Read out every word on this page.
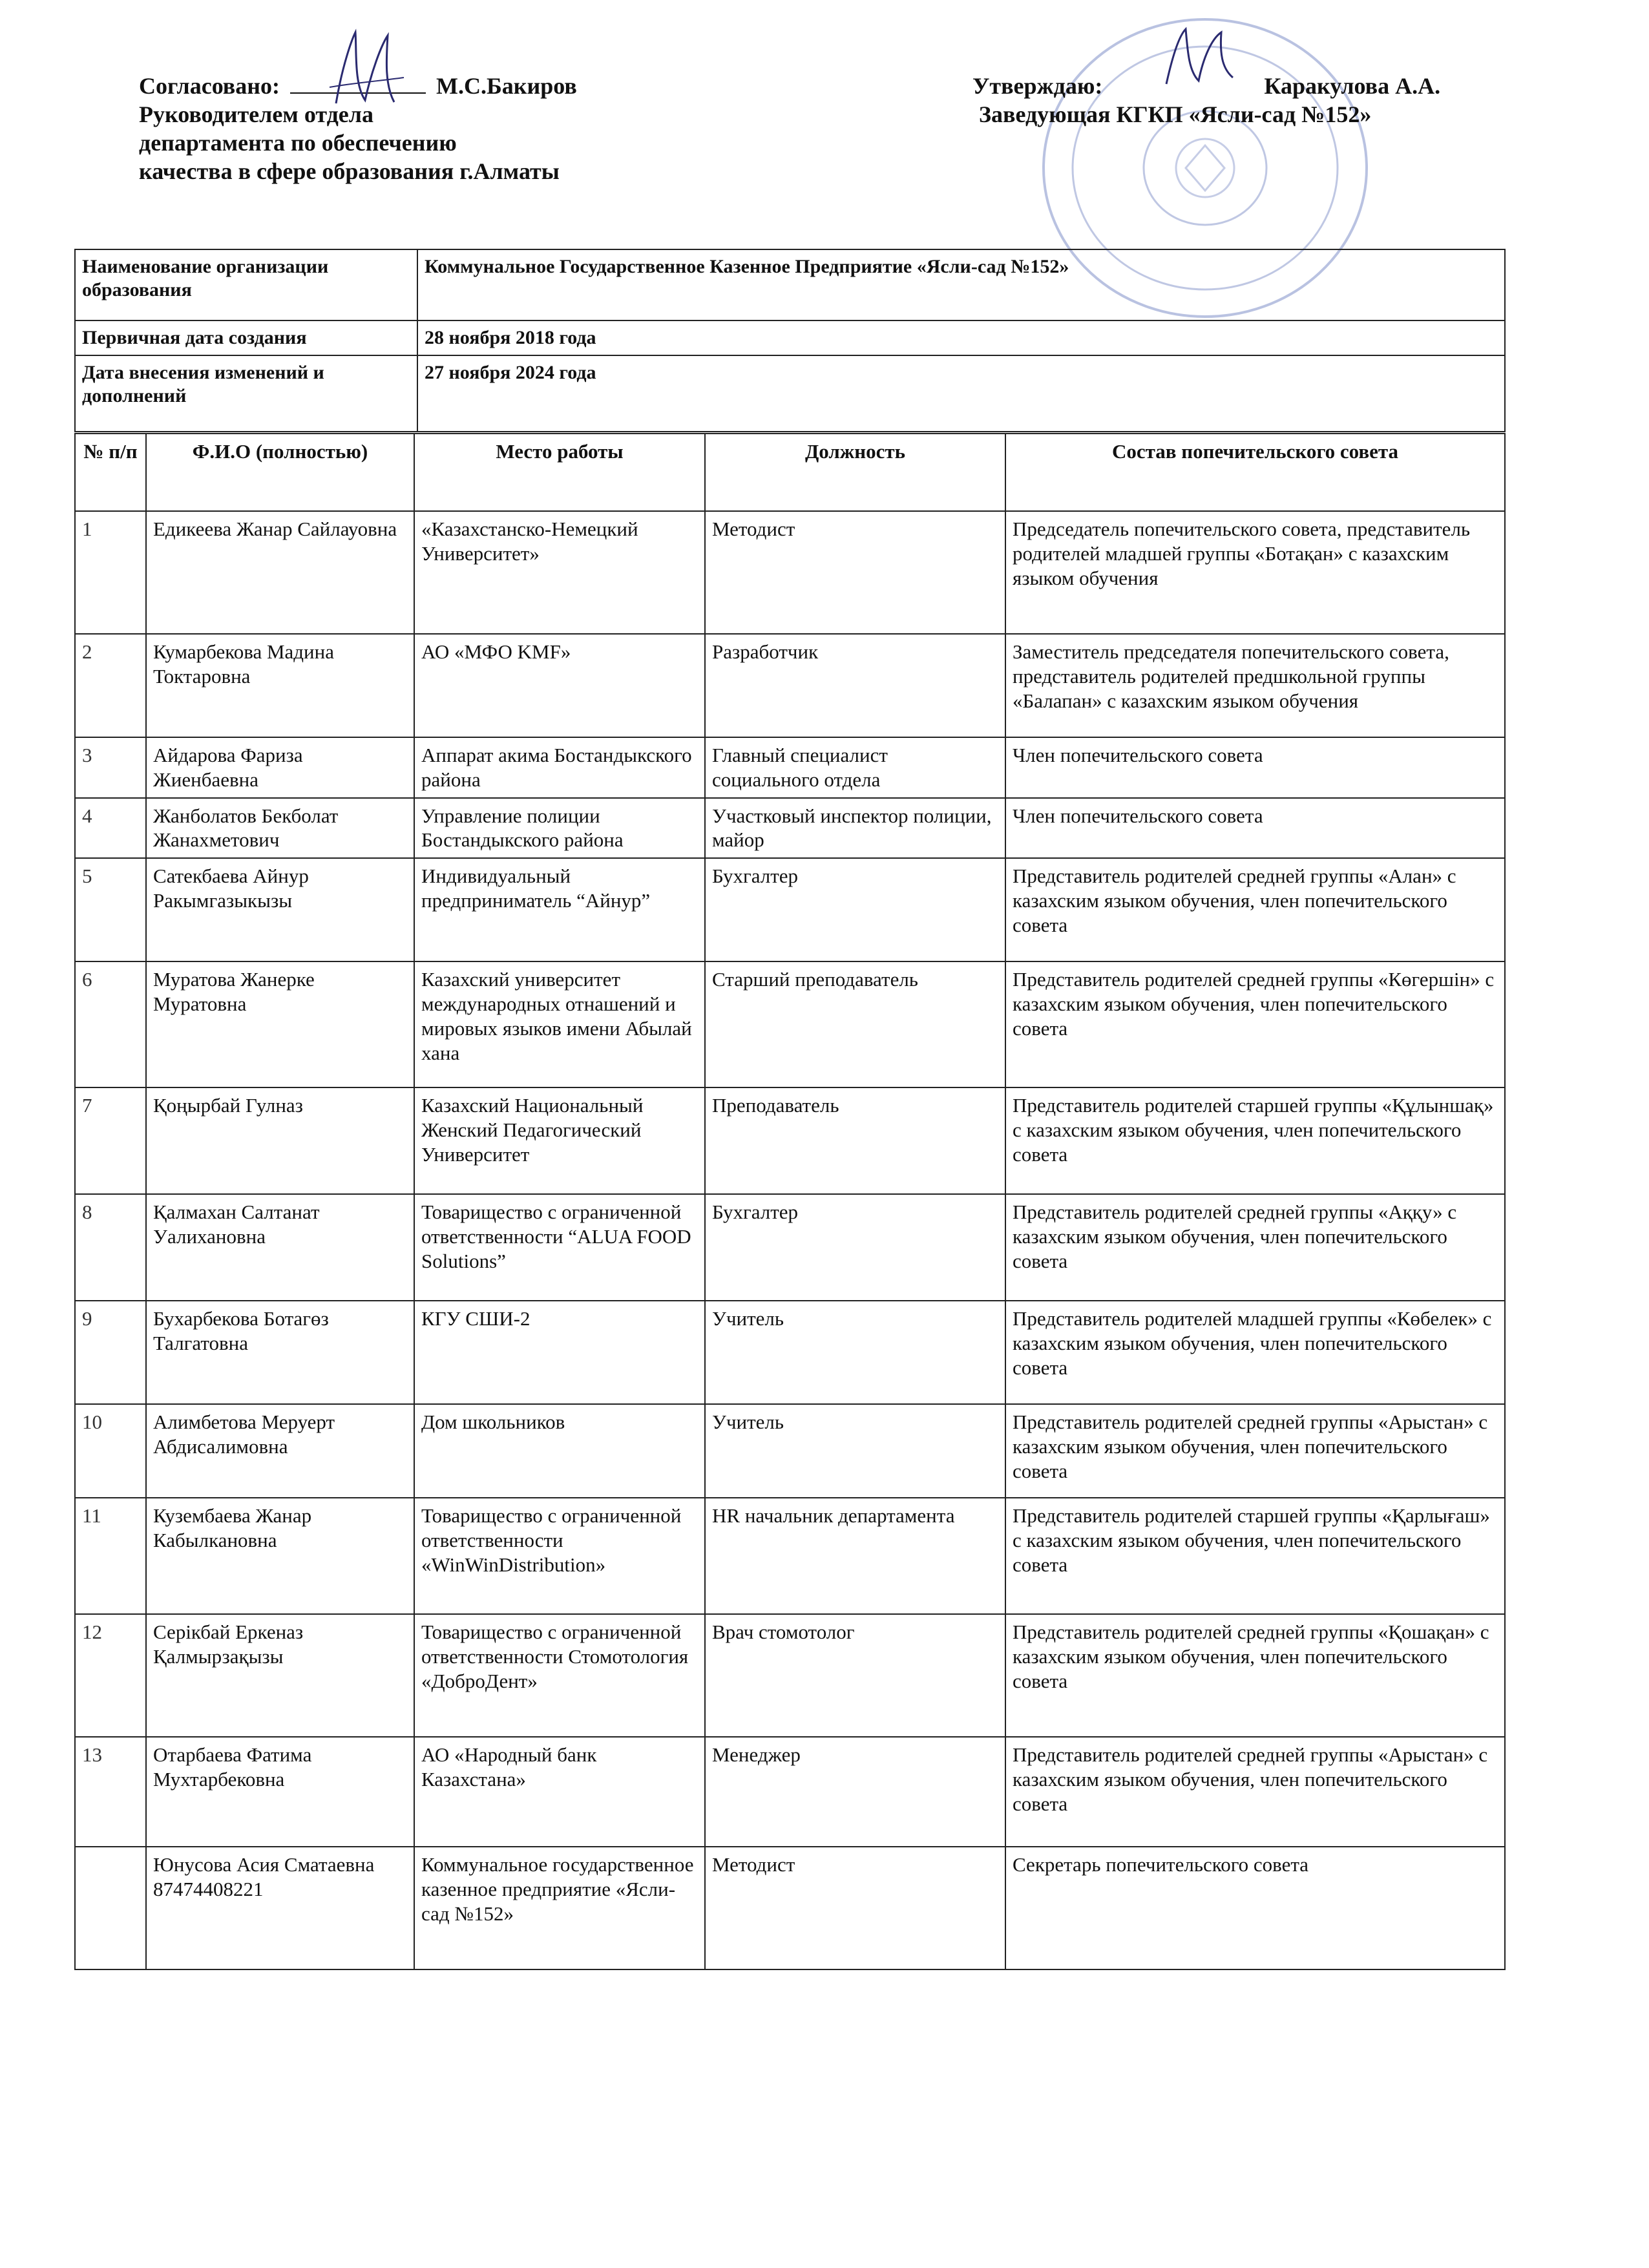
Согласовано:	М.С.Бакиров
Руководителем отдела
департамента по обеспечению
качества в сфере образования г.Алматы
Утверждаю:	Каракулова А.А.
Заведующая КГКП «Ясли-сад №152»
Наименование организации образования	Коммунальное Государственное Казенное Предприятие «Ясли-сад №152»
Первичная дата создания	28 ноября 2018 года
Дата внесения изменений и дополнений	27 ноября 2024 года
№ п/п	Ф.И.О (полностью)	Место работы	Должность	Состав попечительского совета
1	Едикеева Жанар Сайлауовна	«Казахстанско-Немецкий Университет»	Методист	Председатель попечительского совета, представитель родителей младшей группы «Ботақан» с казахским языком обучения
2	Кумарбекова Мадина Токтаровна	АО «МФО KMF»	Разработчик	Заместитель председателя попечительского совета, представитель родителей предшкольной группы «Балапан» с казахским языком обучения
3	Айдарова Фариза Жиенбаевна	Аппарат акима Бостандыкского района	Главный специалист социального отдела	Член попечительского совета
4	Жанболатов Бекболат Жанахметович	Управление полиции Бостандыкского района	Участковый инспектор полиции, майор	Член попечительского совета
5	Сатекбаева Айнур Ракымгазыкызы	Индивидуальный предприниматель “Айнур”	Бухгалтер	Представитель родителей средней группы «Алан» с казахским языком обучения, член попечительского совета
6	Муратова Жанерке Муратовна	Казахский университет международных отнашений и мировых языков имени Абылай хана	Старший преподаватель	Представитель родителей средней группы «Көгершін» с казахским языком обучения, член попечительского совета
7	Қоңырбай Гулназ	Казахский Национальный Женский Педагогический Университет	Преподаватель	Представитель родителей старшей группы «Құлыншақ» с казахским языком обучения, член попечительского совета
8	Қалмахан Салтанат Уалихановна	Товарищество с ограниченной ответственности “ALUA FOOD Solutions”	Бухгалтер	Представитель родителей средней группы «Аққу» с казахским языком обучения, член попечительского совета
9	Бухарбекова Ботагөз Талгатовна	КГУ СШИ-2	Учитель	Представитель родителей младшей группы «Көбелек» с казахским языком обучения, член попечительского совета
10	Алимбетова Меруерт Абдисалимовна	Дом школьников	Учитель	Представитель родителей средней группы «Арыстан» с казахским языком обучения, член попечительского совета
11	Кузембаева Жанар Кабылкановна	Товарищество с ограниченной ответственности «WinWinDistribution»	HR начальник департамента	Представитель родителей старшей группы «Қарлығаш» с казахским языком обучения, член попечительского совета
12	Серікбай Еркеназ Қалмырзақызы	Товарищество с ограниченной ответственности Стомотология «ДоброДент»	Врач стомотолог	Представитель родителей средней группы «Қошақан» с казахским языком обучения, член попечительского совета
13	Отарбаева Фатима Мухтарбековна	АО «Народный банк Казахстана»	Менеджер	Представитель родителей средней группы «Арыстан» с казахским языком обучения, член попечительского совета
	Юнусова Асия Сматаевна 87474408221	Коммунальное государственное казенное предприятие «Ясли-сад №152»	Методист	Секретарь попечительского совета
